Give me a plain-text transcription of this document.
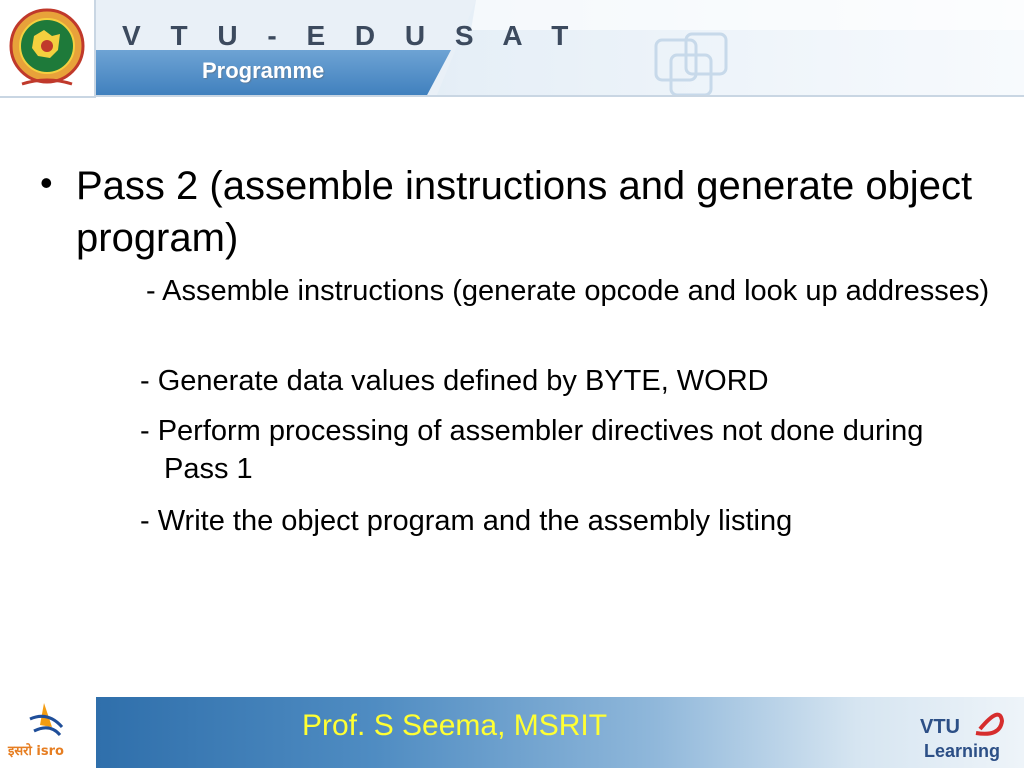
V T U - E D U S A T
Programme
• Pass 2 (assemble instructions and generate object program)
- Assemble instructions (generate opcode and look up addresses)
- Generate data values defined by BYTE, WORD
- Perform processing of assembler directives not done during Pass 1
- Write the object program and the assembly listing
इसरो isro
Prof. S Seema, MSRIT	VTU
Learning
